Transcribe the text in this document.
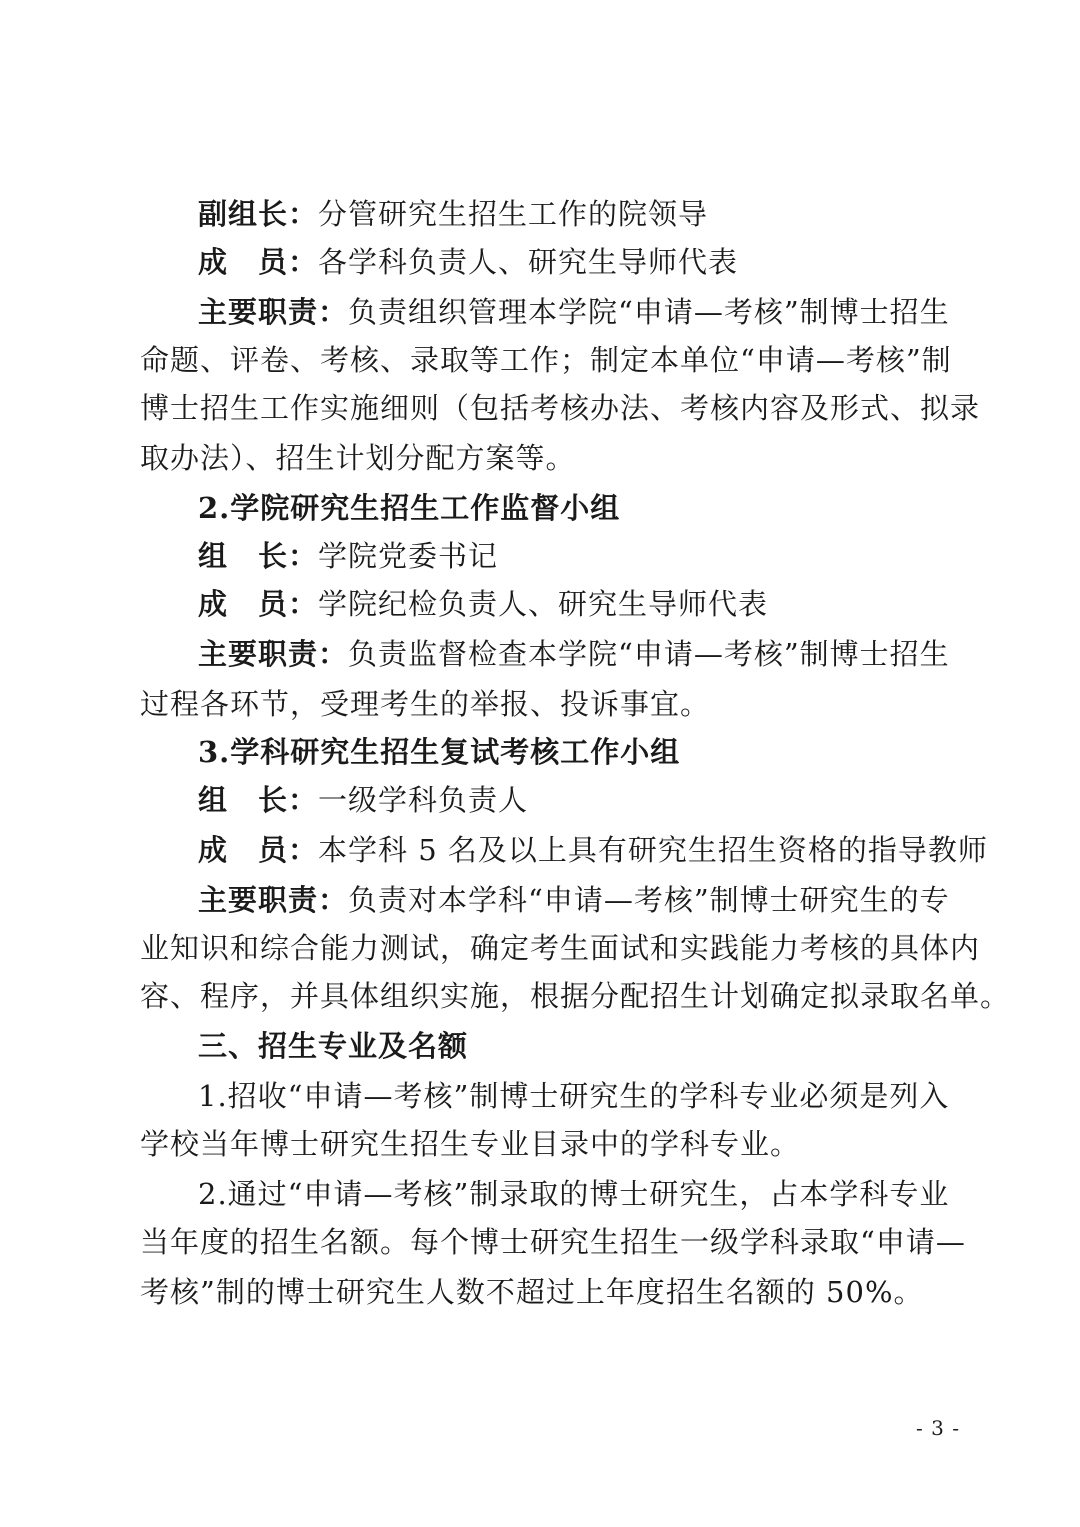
副组长：分管研究生招生工作的院领导
成　员：各学科负责人、研究生导师代表
主要职责：负责组织管理本学院“申请—考核”制博士招生
命题、评卷、考核、录取等工作；制定本单位“申请—考核”制
博士招生工作实施细则（包括考核办法、考核内容及形式、拟录
取办法）、招生计划分配方案等。
2.学院研究生招生工作监督小组
组　长：学院党委书记
成　员：学院纪检负责人、研究生导师代表
主要职责：负责监督检查本学院“申请—考核”制博士招生
过程各环节，受理考生的举报、投诉事宜。
3.学科研究生招生复试考核工作小组
组　长：一级学科负责人
成　员：本学科 5 名及以上具有研究生招生资格的指导教师
主要职责：负责对本学科“申请—考核”制博士研究生的专
业知识和综合能力测试，确定考生面试和实践能力考核的具体内
容、程序，并具体组织实施，根据分配招生计划确定拟录取名单。
三、招生专业及名额
1.招收“申请—考核”制博士研究生的学科专业必须是列入
学校当年博士研究生招生专业目录中的学科专业。
2.通过“申请—考核”制录取的博士研究生，占本学科专业
当年度的招生名额。每个博士研究生招生一级学科录取“申请—
考核”制的博士研究生人数不超过上年度招生名额的 50%。
- 3 -
